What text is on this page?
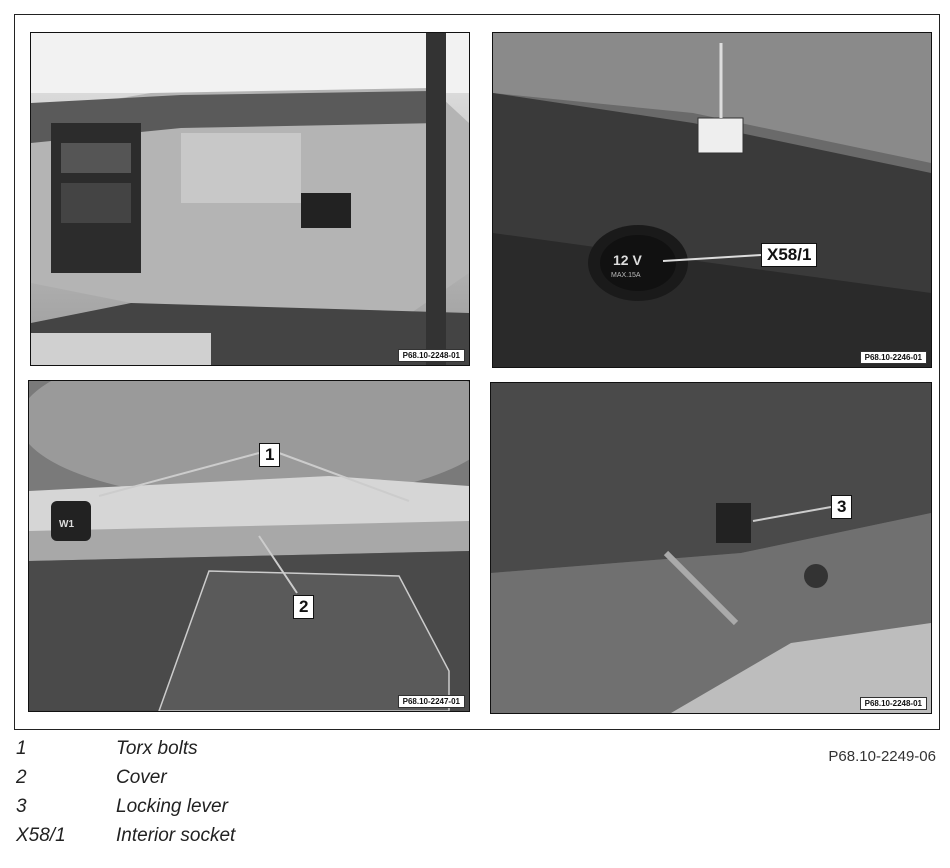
P68.10-2248-01
12 V
MAX.15A
X58/1
P68.10-2246-01
W1
1
2
P68.10-2247-01
3
P68.10-2248-01
1	Torx bolts
2	Cover
3	Locking lever
X58/1	Interior socket
P68.10-2249-06
